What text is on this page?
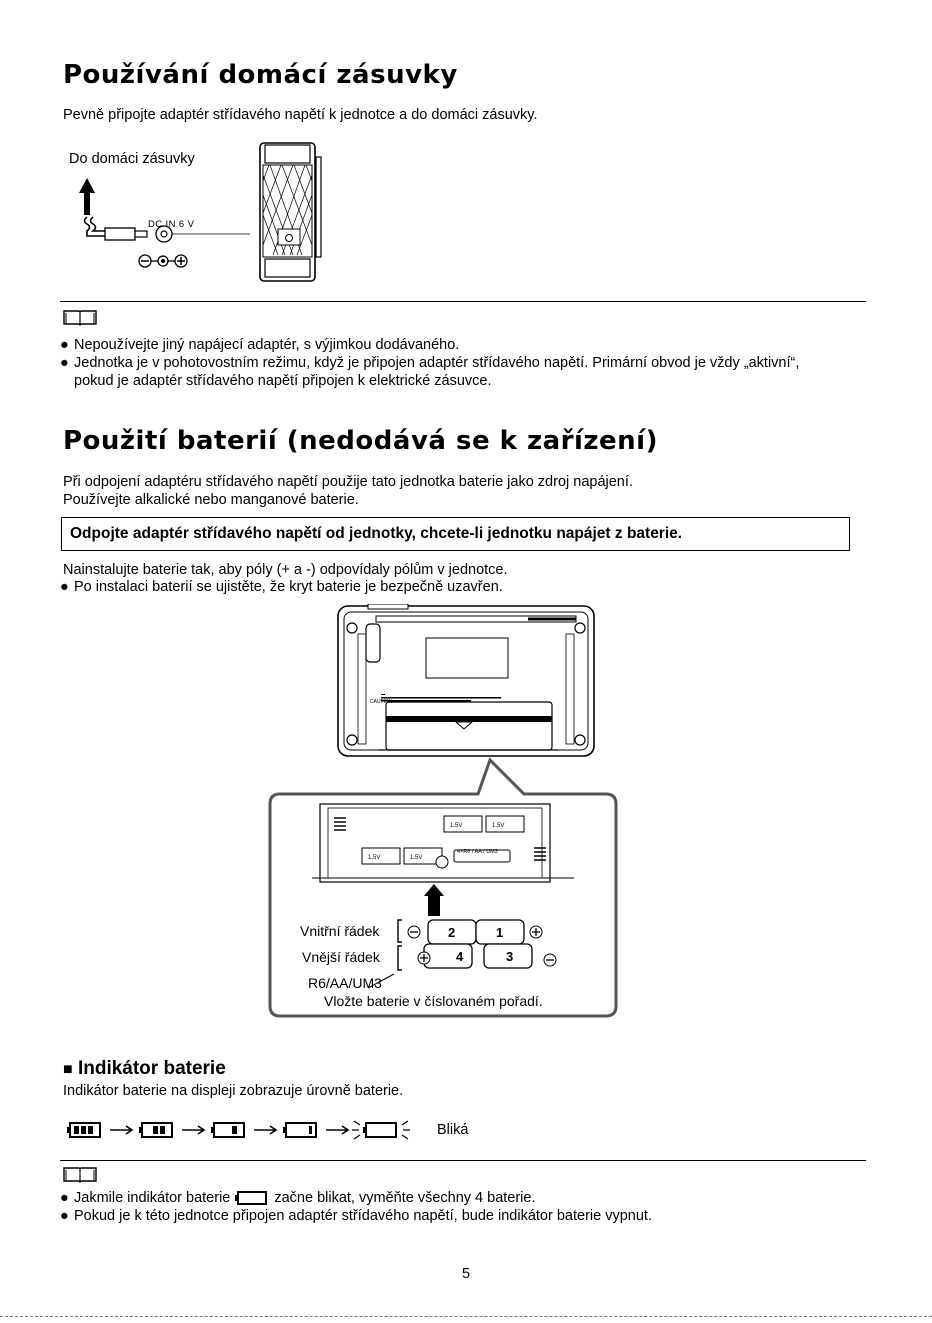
Používání domácí zásuvky
Pevně připojte adaptér střídavého napětí k jednotce a do domáci zásuvky.
Do domáci zásuvky
DC IN 6 V
● Nepoužívejte jiný napájecí adaptér, s výjimkou dodávaného.
● Jednotka je v pohotovostním režimu, když je připojen adaptér střídavého napětí. Primární obvod je vždy „aktivní“,
pokud je adaptér střídavého napětí připojen k elektrické zásuvce.
Použití baterií (nedodává se k zařízení)
Při odpojení adaptéru střídavého napětí použije tato jednotka baterie jako zdroj napájení.
Používejte alkalické nebo manganové baterie.
Odpojte adaptér střídavého napětí od jednotky, chcete-li jednotku napájet z baterie.
Nainstalujte baterie tak, aby póly (+ a -) odpovídaly pólům v jednotce.
● Po instalaci baterií se ujistěte, že kryt baterie je bezpečně uzavřen.
CAUTION
4×R6 / AA / UM3
1.5V	1.5V
1.5V	1.5V
2	1
4	3
Vnitřní řádek
Vnější řádek
R6/AA/UM3
Vložte baterie v číslovaném pořadí.
■ Indikátor baterie
Indikátor baterie na displeji zobrazuje úrovně baterie.
Bliká
● Jakmile indikátor baterie	začne blikat, vyměňte všechny 4 baterie.
● Pokud je k této jednotce připojen adaptér střídavého napětí, bude indikátor baterie vypnut.
5
